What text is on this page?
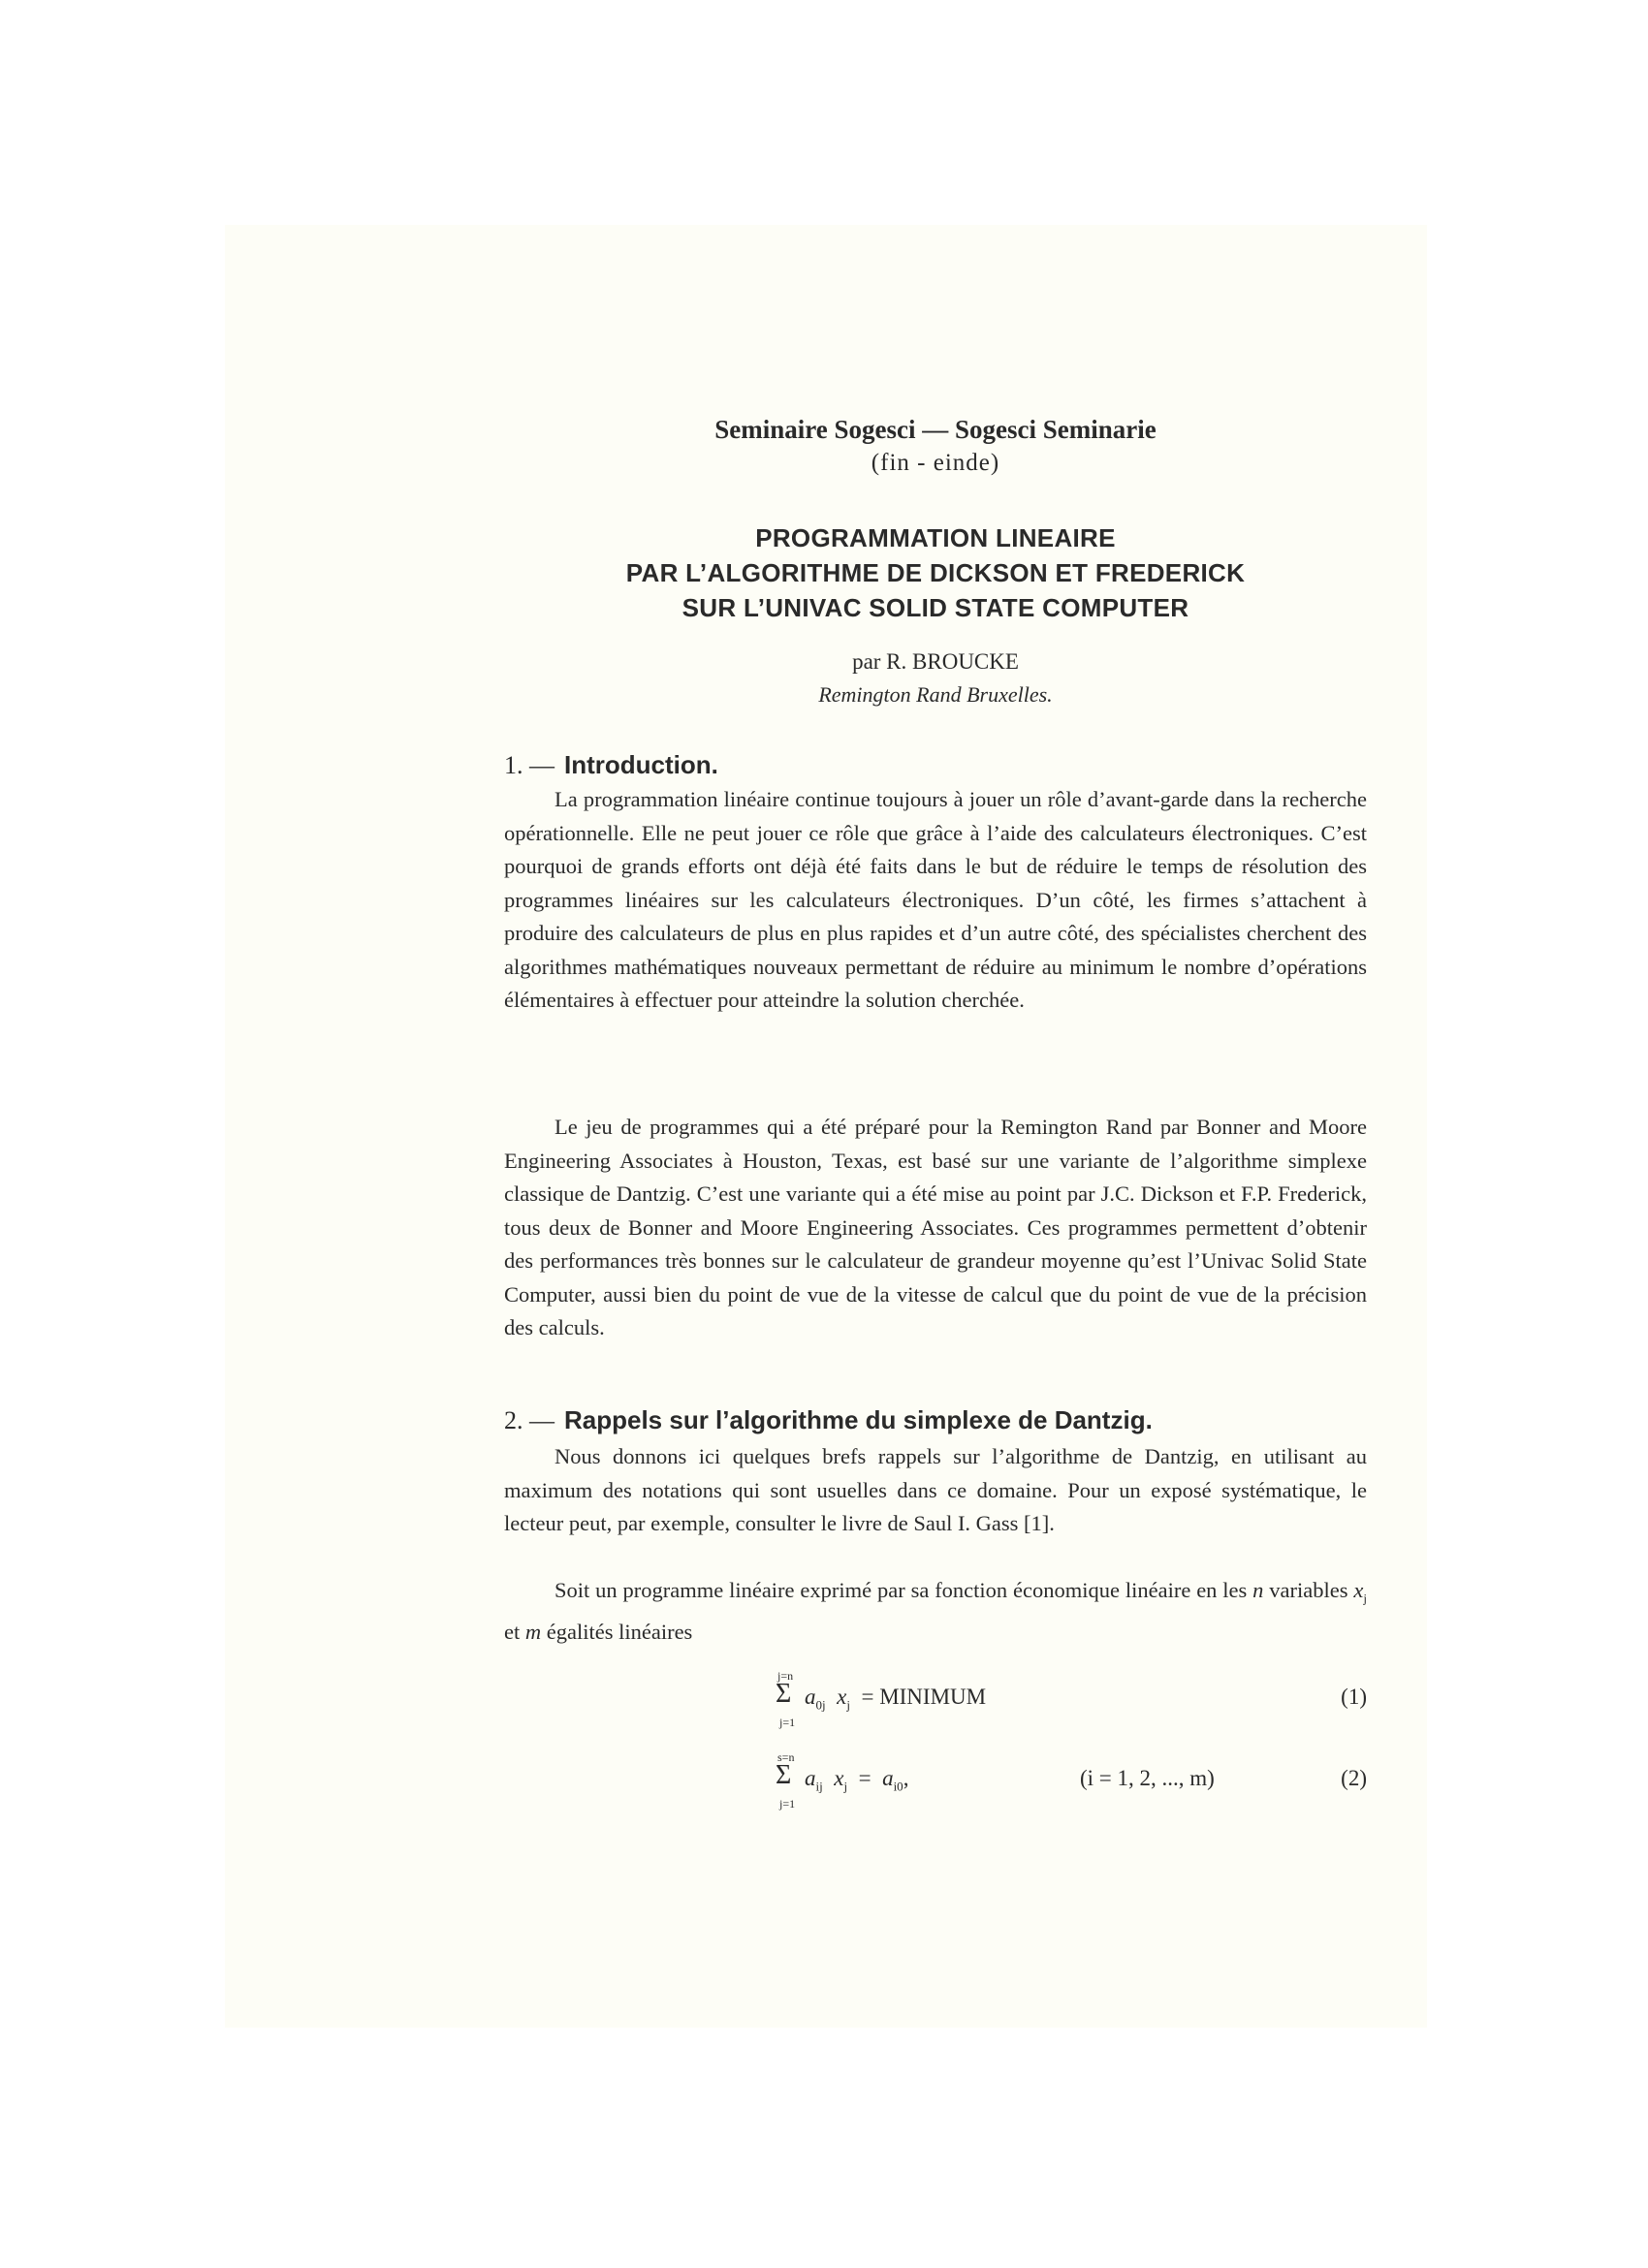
Seminaire Sogesci — Sogesci Seminarie
(fin - einde)
PROGRAMMATION LINEAIRE
PAR L’ALGORITHME DE DICKSON ET FREDERICK
SUR L’UNIVAC SOLID STATE COMPUTER
par R. BROUCKE
Remington Rand Bruxelles.
1. — Introduction.

La programmation linéaire continue toujours à jouer un rôle d’avant-garde dans la recherche opérationnelle. Elle ne peut jouer ce rôle que grâce à l’aide des calculateurs électroniques. C’est pourquoi de grands efforts ont déjà été faits dans le but de réduire le temps de résolution des programmes linéaires sur les calculateurs électroniques. D’un côté, les firmes s’attachent à produire des calculateurs de plus en plus rapides et d’un autre côté, des spécialistes cherchent des algorithmes mathématiques nouveaux permettant de réduire au minimum le nombre d’opérations élémentaires à effectuer pour atteindre la solution cherchée.

Le jeu de programmes qui a été préparé pour la Remington Rand par Bonner and Moore Engineering Associates à Houston, Texas, est basé sur une variante de l’algorithme simplexe classique de Dantzig. C’est une variante qui a été mise au point par J.C. Dickson et F.P. Frederick, tous deux de Bonner and Moore Engineering Associates. Ces programmes permettent d’obtenir des performances très bonnes sur le calculateur de grandeur moyenne qu’est l’Univac Solid State Computer, aussi bien du point de vue de la vitesse de calcul que du point de vue de la précision des calculs.

2. — Rappels sur l’algorithme du simplexe de Dantzig.

Nous donnons ici quelques brefs rappels sur l’algorithme de Dantzig, en utilisant au maximum des notations qui sont usuelles dans ce domaine. Pour un exposé systématique, le lecteur peut, par exemple, consulter le livre de Saul I. Gass [1].

Soit un programme linéaire exprimé par sa fonction économique linéaire en les n variables $x_j$ et m égalités linéaires

j=n
Σ
j=1
$a_{0j}$ $x_j$ = MINIMUM	(1)
s=n
Σ
j=1
$a_{ij}$ $x_j = a_{i0}$,	(i = 1, 2, ..., m)	(2)
